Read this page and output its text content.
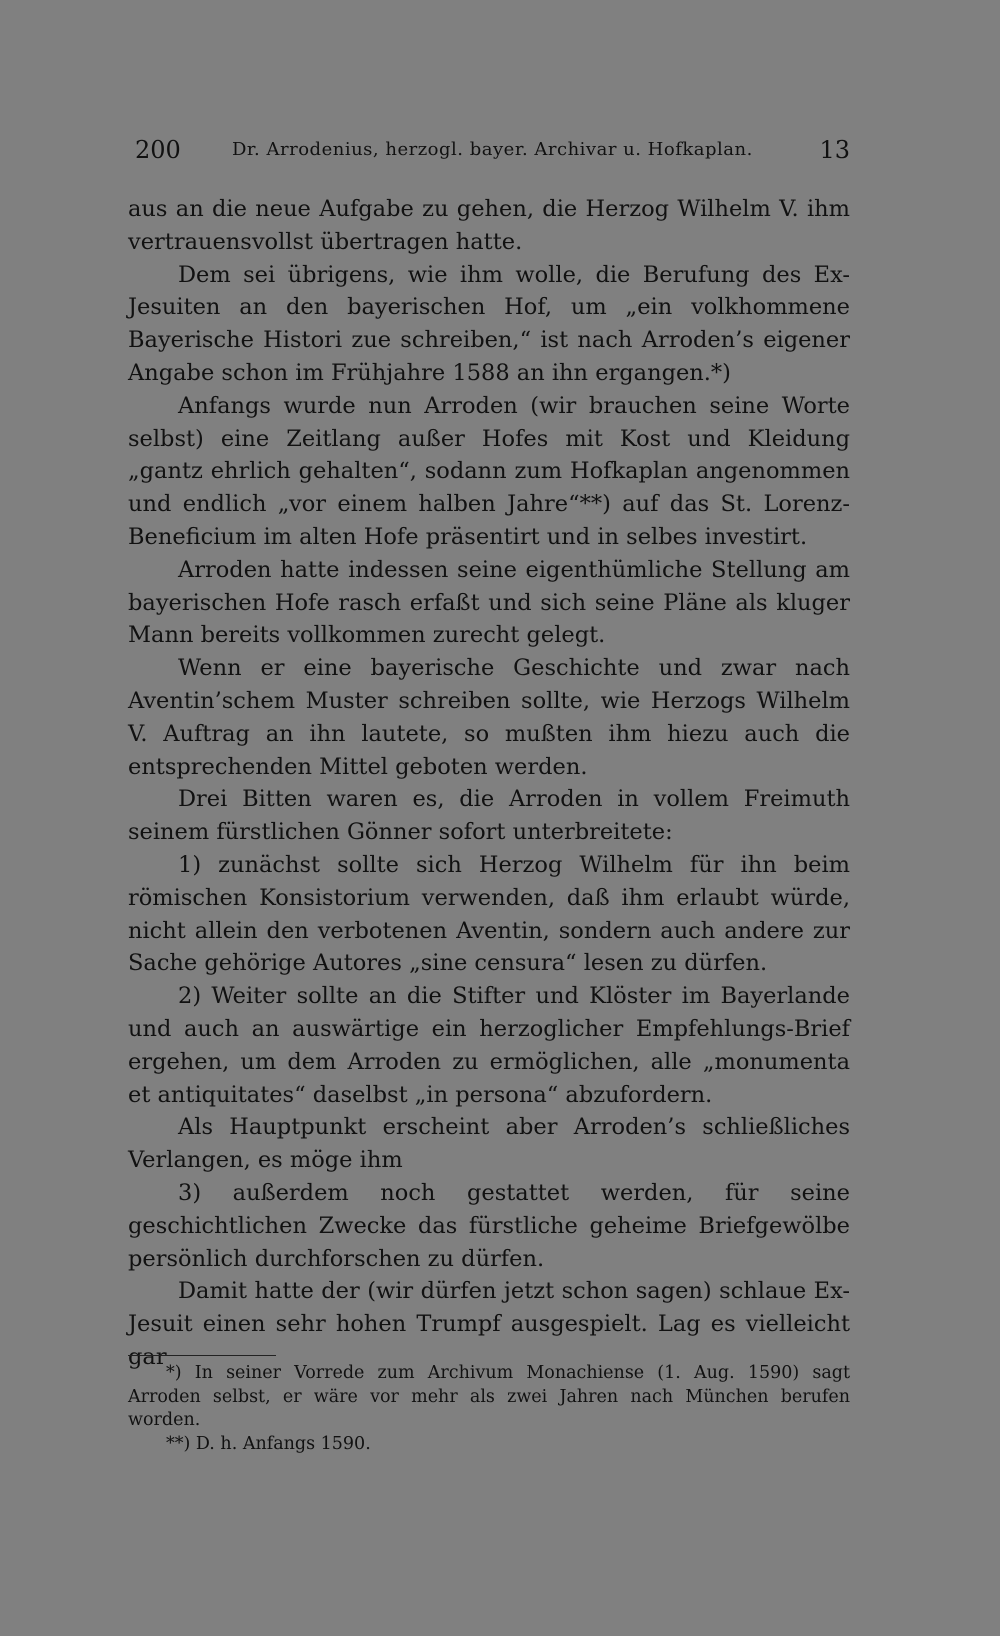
200	Dr. Arrodenius, herzogl. bayer. Archivar u. Hofkaplan.	13

aus an die neue Aufgabe zu gehen, die Herzog Wilhelm V. ihm vertrauensvollst übertragen hatte.

Dem sei übrigens, wie ihm wolle, die Berufung des Ex-Jesuiten an den bayerischen Hof, um „ein volkhommene Bayerische Histori zue schreiben,“ ist nach Arroden’s eigener Angabe schon im Frühjahre 1588 an ihn ergangen.*)

Anfangs wurde nun Arroden (wir brauchen seine Worte selbst) eine Zeitlang außer Hofes mit Kost und Kleidung „gantz ehrlich gehalten“, sodann zum Hofkaplan angenommen und endlich „vor einem halben Jahre“**) auf das St. Lorenz-Beneficium im alten Hofe präsentirt und in selbes investirt.

Arroden hatte indessen seine eigenthümliche Stellung am bayerischen Hofe rasch erfaßt und sich seine Pläne als kluger Mann bereits vollkommen zurecht gelegt.

Wenn er eine bayerische Geschichte und zwar nach Aventin’schem Muster schreiben sollte, wie Herzogs Wilhelm V. Auftrag an ihn lautete, so mußten ihm hiezu auch die entsprechenden Mittel geboten werden.

Drei Bitten waren es, die Arroden in vollem Freimuth seinem fürstlichen Gönner sofort unterbreitete:

1) zunächst sollte sich Herzog Wilhelm für ihn beim römischen Konsistorium verwenden, daß ihm erlaubt würde, nicht allein den verbotenen Aventin, sondern auch andere zur Sache gehörige Autores „sine censura“ lesen zu dürfen.

2) Weiter sollte an die Stifter und Klöster im Bayerlande und auch an auswärtige ein herzoglicher Empfehlungs-Brief ergehen, um dem Arroden zu ermöglichen, alle „monumenta et antiquitates“ daselbst „in persona“ abzufordern.

Als Hauptpunkt erscheint aber Arroden’s schließliches Verlangen, es möge ihm

3) außerdem noch gestattet werden, für seine geschichtlichen Zwecke das fürstliche geheime Briefgewölbe persönlich durchforschen zu dürfen.

Damit hatte der (wir dürfen jetzt schon sagen) schlaue Ex-Jesuit einen sehr hohen Trumpf ausgespielt. Lag es vielleicht gar

*) In seiner Vorrede zum Archivum Monachiense (1. Aug. 1590) sagt Arroden selbst, er wäre vor mehr als zwei Jahren nach München berufen worden.

**) D. h. Anfangs 1590.
